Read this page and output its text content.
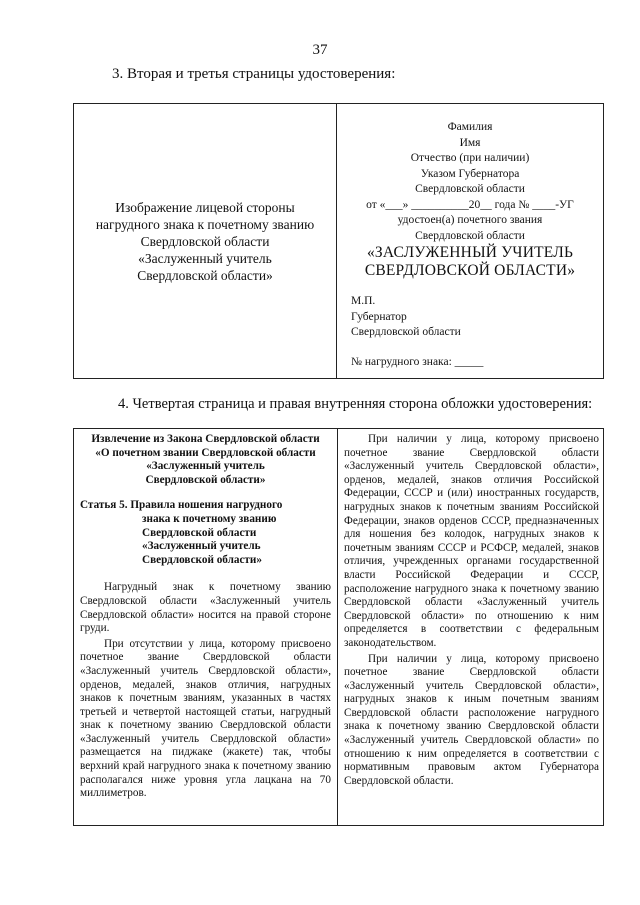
37
3. Вторая и третья страницы удостоверения:
Изображение лицевой стороны
нагрудного знака к почетному званию
Свердловской области
«Заслуженный учитель
Свердловской области»
Фамилия
Имя
Отчество (при наличии)
Указом Губернатора
Свердловской области
от «___» __________20__ года № ____-УГ
удостоен(а) почетного звания
Свердловской области
«ЗАСЛУЖЕННЫЙ УЧИТЕЛЬ
СВЕРДЛОВСКОЙ ОБЛАСТИ»
М.П.
Губернатор
Свердловской области
№ нагрудного знака: _____
4. Четвертая страница и правая внутренняя сторона обложки удостоверения:
Извлечение из Закона Свердловской области
«О почетном звании Свердловской области
«Заслуженный учитель
Свердловской области»
Статья 5. Правила ношения нагрудного
знака к почетному званию
Свердловской области
«Заслуженный учитель
Свердловской области»

Нагрудный знак к почетному званию Свердловской области «Заслуженный учитель Свердловской области» носится на правой стороне груди.

При отсутствии у лица, которому присвоено почетное звание Свердловской области «Заслуженный учитель Свердловской области», орденов, медалей, знаков отличия, нагрудных знаков к почетным званиям, указанных в частях третьей и четвертой настоящей статьи, нагрудный знак к почетному званию Свердловской области «Заслуженный учитель Свердловской области» размещается на пиджаке (жакете) так, чтобы верхний край нагрудного знака к почетному званию располагался ниже уровня угла лацкана на 70 миллиметров.

При наличии у лица, которому присвоено почетное звание Свердловской области «Заслуженный учитель Свердловской области», орденов, медалей, знаков отличия Российской Федерации, СССР и (или) иностранных государств, нагрудных знаков к почетным званиям Российской Федерации, знаков орденов СССР, предназначенных для ношения без колодок, нагрудных знаков к почетным званиям СССР и РСФСР, медалей, знаков отличия, учрежденных органами государственной власти Российской Федерации и СССР, расположение нагрудного знака к почетному званию Свердловской области «Заслуженный учитель Свердловской области» по отношению к ним определяется в соответствии с федеральным законодательством.

При наличии у лица, которому присвоено почетное звание Свердловской области «Заслуженный учитель Свердловской области», нагрудных знаков к иным почетным званиям Свердловской области расположение нагрудного знака к почетному званию Свердловской области «Заслуженный учитель Свердловской области» по отношению к ним определяется в соответствии с нормативным правовым актом Губернатора Свердловской области.
